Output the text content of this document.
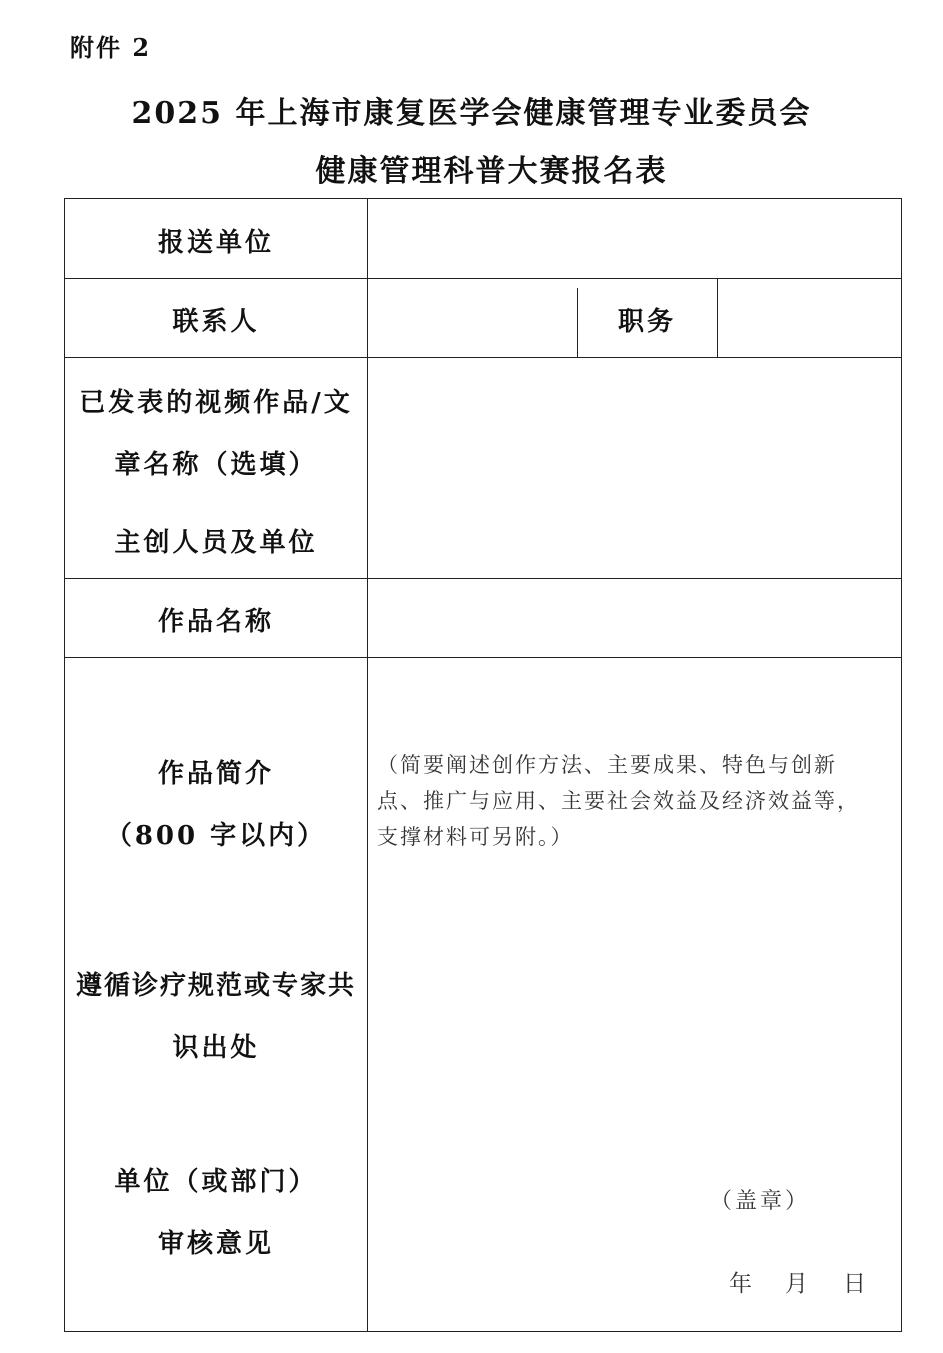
附件 2
2025 年上海市康复医学会健康管理专业委员会
健康管理科普大赛报名表
报送单位
联系人	职务
已发表的视频作品/文
章名称（选填）
主创人员及单位
作品名称
作品简介
（800 字以内）
遵循诊疗规范或专家共
识出处
单位（或部门）
审核意见
（简要阐述创作方法、主要成果、特色与创新点、推广与应用、主要社会效益及经济效益等，支撑材料可另附。）
（盖章）
年 月 日
